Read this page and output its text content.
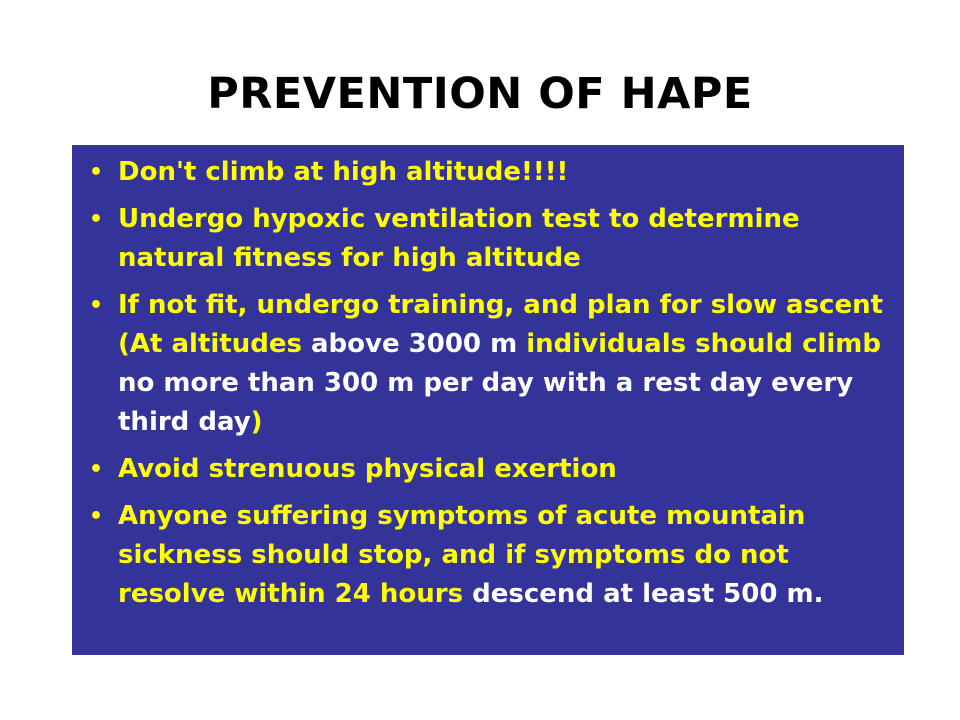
PREVENTION OF HAPE
• Don't climb at high altitude!!!!
• Undergo hypoxic ventilation test to determine natural fitness for high altitude
• If not fit, undergo training, and plan for slow ascent (At altitudes above 3000 m individuals should climb no more than 300 m per day with a rest day every third day)
• Avoid strenuous physical exertion
• Anyone suffering symptoms of acute mountain sickness should stop, and if symptoms do not resolve within 24 hours descend at least 500 m.
